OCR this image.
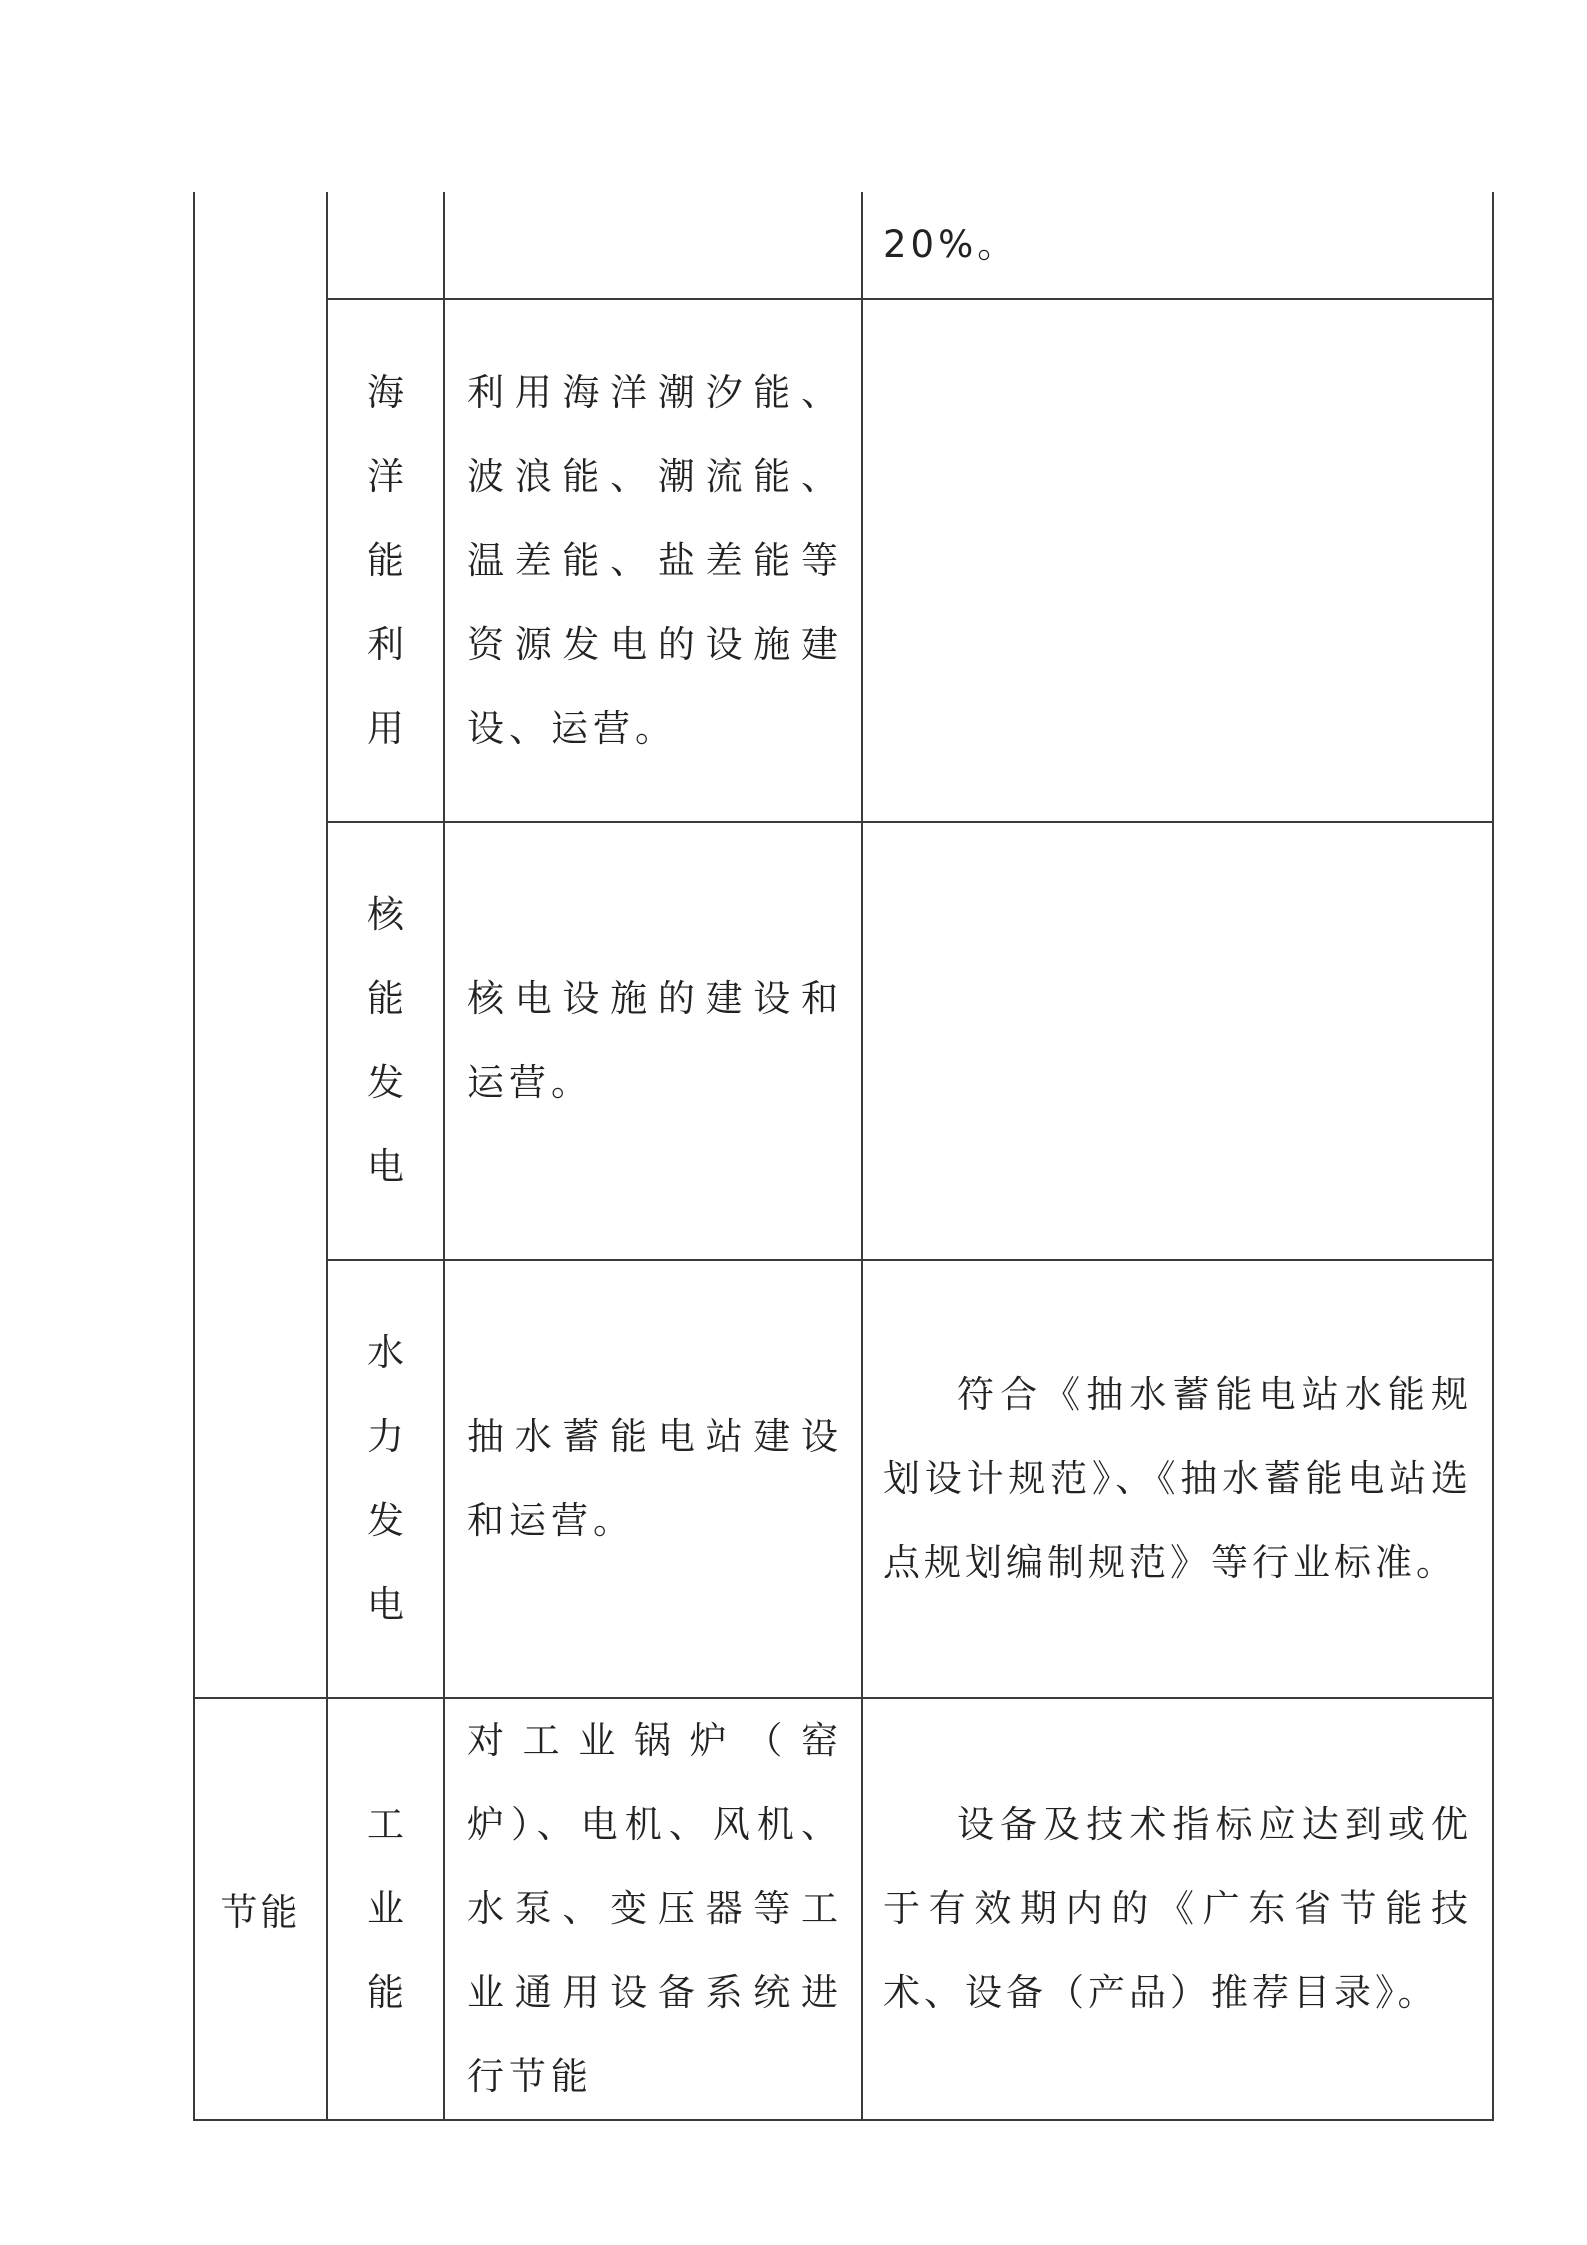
			20%。

	海洋能利用	利用海洋潮汐能、波浪能、潮流能、温差能、盐差能等资源发电的设施建设、运营。	

	核能发电	核电设施的建设和运营。	

	水力发电	抽水蓄能电站建设和运营。	符合《抽水蓄能电站水能规划设计规范》、《抽水蓄能电站选点规划编制规范》等行业标准。

节能	工业能	对工业锅炉（窑炉）、电机、风机、水泵、变压器等工业通用设备系统进行节能	设备及技术指标应达到或优于有效期内的《广东省节能技术、设备（产品）推荐目录》。
